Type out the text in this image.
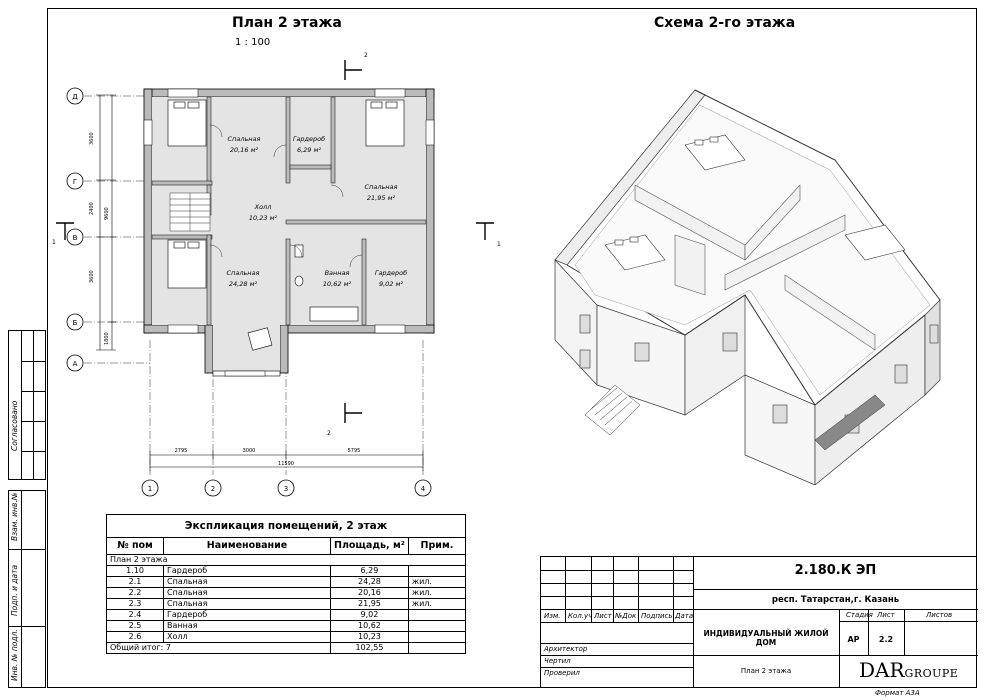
План 2 этажа
1 : 100
Схема 2-го этажа
Согласовано
Взам. инв.№
Подп. и дата
Инв. № подл.
3600
2400
3600
1800
9600
Д
Г
В
Б
А
1	2	3	4
2795	3000	5795
11590
Спальная
20,16 м²
Гардероб
6,29 м²
Спальная
21,95 м²
Холл
10,23 м²
Спальная
24,28 м²
Ванная
10,62 м²
Гардероб
9,02 м²
2
2
1	1
Экспликация помещений, 2 этаж			
№ пом	Наименование	Площадь, м²	Прим.
План 2 этажа			
1.10	Гардероб	6,29	
2.1	Спальная	24,28	жил.
2.2	Спальная	20,16	жил.
2.3	Спальная	21,95	жил.
2.4	Гардероб	9,02	
2.5	Ванная	10,62	
2.6	Холл	10,23	
Общий итог: 7		102,55	
Изм. Кол.уч Лист №Док Подпись Дата
Архитектор
Чертил
Проверил
2.180.К ЭП
респ. Татарстан,г. Казань
ИНДИВИДУАЛЬНЫЙ ЖИЛОЙ ДОМ
Стадия Лист	Листов
АР	2.2
План 2 этажа	DARGROUPE
Формат А3А
